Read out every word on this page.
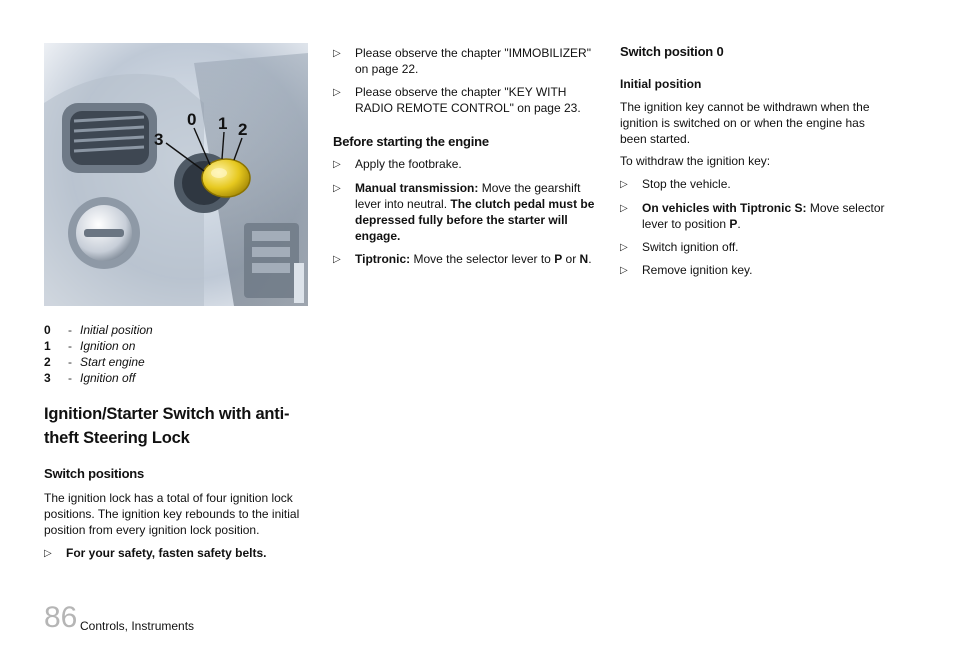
3
0 1 2
0	- Initial position
1	- Ignition on
2	- Start engine
3	- Ignition off
Ignition/Starter Switch with anti-theft Steering Lock
Switch positions

The ignition lock has a total of four ignition lock positions. The ignition key rebounds to the initial position from every ignition lock position.

▷	For your safety, fasten safety belts.
▷	Please observe the chapter "IMMOBILIZER" on page 22.
▷	Please observe the chapter "KEY WITH RADIO REMOTE CONTROL" on page 23.
Before starting the engine
▷	Apply the footbrake.
▷	Manual transmission: Move the gearshift lever into neutral. The clutch pedal must be depressed fully before the starter will engage.
▷	Tiptronic: Move the selector lever to P or N.
Switch position 0
Initial position

The ignition key cannot be withdrawn when the ignition is switched on or when the engine has been started.

To withdraw the ignition key:

▷	Stop the vehicle.
▷	On vehicles with Tiptronic S: Move selector lever to position P.
▷	Switch ignition off.
▷	Remove ignition key.
86 Controls, Instruments
